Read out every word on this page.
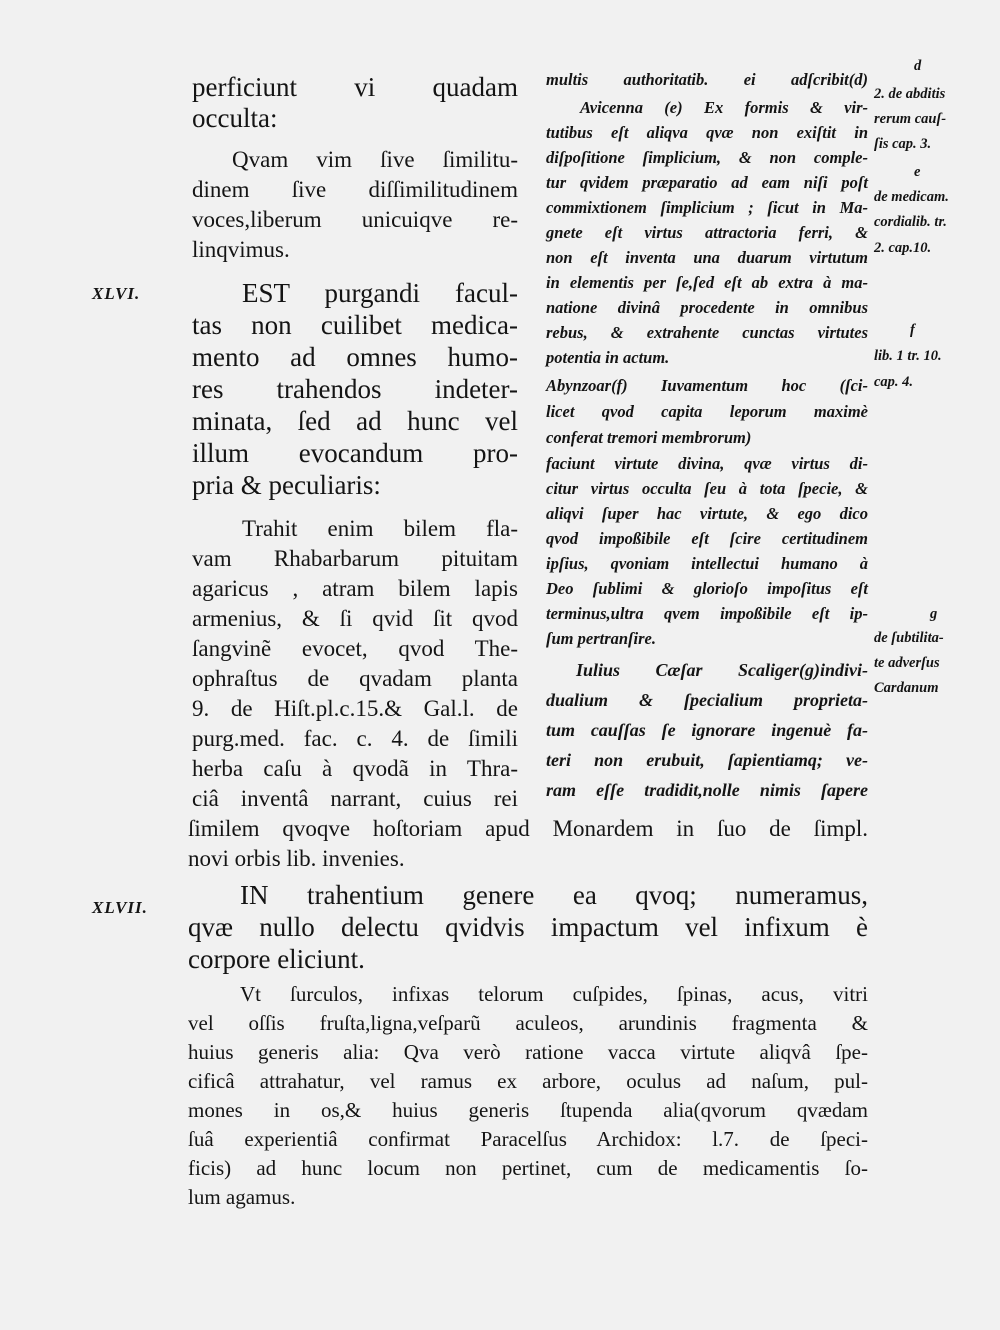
XLVI.
XLVII.
perficiunt vi quadam
occulta:
Qvam vim ſive ſimilitu-
dinem ſive diſſimilitudinem
voces,liberum unicuiqve re-
linqvimus.
EST purgandi facul-
tas non cuilibet medica-
mento ad omnes humo-
res trahendos indeter-
minata, ſed ad hunc vel
illum evocandum pro-
pria & peculiaris:
Trahit enim bilem fla-
vam Rhabarbarum pituitam
agaricus , atram bilem lapis
armenius, & ſi qvid ſit qvod
ſangvinẽ evocet, qvod The-
ophraſtus de qvadam planta
9. de Hiſt.pl.c.15.& Gal.l. de
purg.med. fac. c. 4. de ſimili
herba caſu à qvodã in Thra-
ciâ inventâ narrant, cuius rei
multis authoritatib. ei adſcribit(d)
Avicenna (e) Ex formis & vir-
tutibus eſt aliqva qvæ non exiſtit in
diſpoſitione ſimplicium, & non comple-
tur qvidem præparatio ad eam niſi poſt
commixtionem ſimplicium ; ſicut in Ma-
gnete eſt virtus attractoria ferri, &
non eſt inventa una duarum virtutum
in elementis per ſe,ſed eſt ab extra à ma-
natione divinâ procedente in omnibus
rebus, & extrahente cunctas virtutes
potentia in actum.
Abynzoar(f) Iuvamentum hoc (ſci-
licet qvod capita leporum maximè
conferat tremori membrorum)
faciunt virtute divina, qvæ virtus di-
citur virtus occulta ſeu à tota ſpecie, &
aliqvi ſuper hac virtute, & ego dico
qvod impoßibile eſt ſcire certitudinem
ipſius, qvoniam intellectui humano à
Deo ſublimi & glorioſo impoſitus eſt
terminus,ultra qvem impoßibile eſt ip-
ſum pertranſire.
Iulius Cæſar Scaliger(g)indivi-
dualium & ſpecialium proprieta-
tum cauſſas ſe ignorare ingenuè fa-
teri non erubuit, ſapientiamq; ve-
ram eſſe tradidit,nolle nimis ſapere
d
2. de abditis
rerum cauſ-
ſis cap. 3.
e
de medicam.
cordialib. tr.
2. cap.10.
f
lib. 1 tr. 10.
cap. 4.
g
de ſubtilita-
te adverſus
Cardanum
ſimilem qvoqve hoſtoriam apud Monardem in ſuo de ſimpl.
novi orbis lib. invenies.
IN trahentium genere ea qvoq; numeramus,
qvæ nullo delectu qvidvis impactum vel infixum è
corpore eliciunt.
Vt ſurculos, infixas telorum cuſpides, ſpinas, acus, vitri
vel oſſis fruſta,ligna,veſparũ aculeos, arundinis fragmenta &
huius generis alia: Qva verò ratione vacca virtute aliqvâ ſpe-
cificâ attrahatur, vel ramus ex arbore, oculus ad naſum, pul-
mones in os,& huius generis ſtupenda alia(qvorum qvædam
ſuâ experientiâ confirmat Paracelſus Archidox: l.7. de ſpeci-
ficis) ad hunc locum non pertinet, cum de medicamentis ſo-
lum agamus.
